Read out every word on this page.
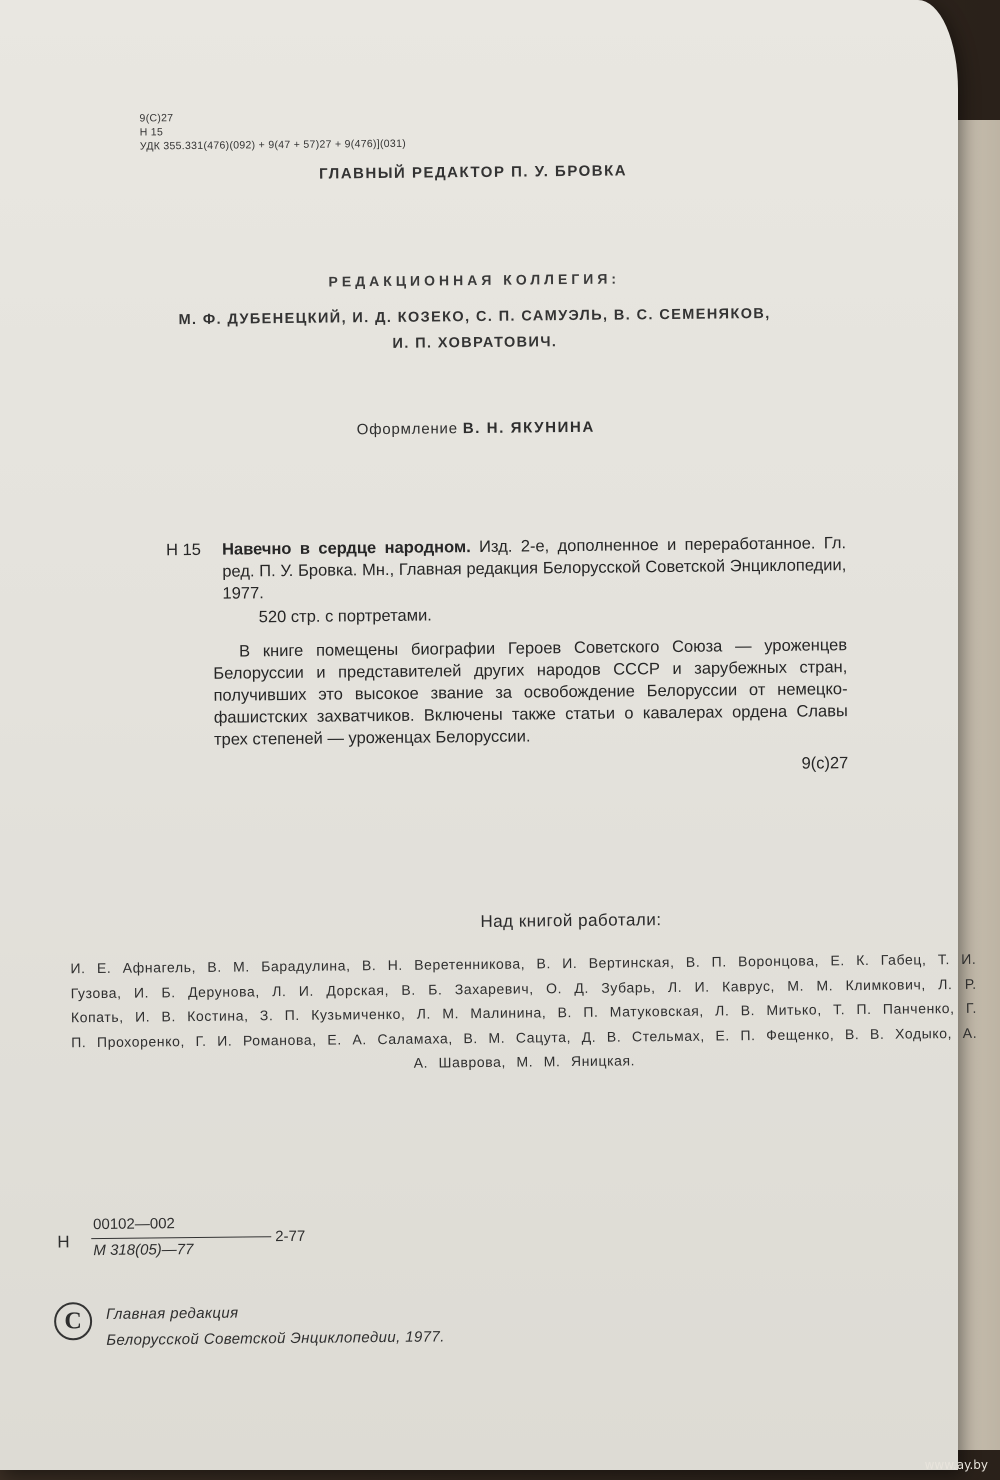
9(С)27
Н 15
УДК 355.331(476)(092) + 9(47 + 57)27 + 9(476)](031)
ГЛАВНЫЙ РЕДАКТОР П. У. БРОВКА
РЕДАКЦИОННАЯ КОЛЛЕГИЯ:
М. Ф. ДУБЕНЕЦКИЙ, И. Д. КОЗЕКО, С. П. САМУЭЛЬ, В. С. СЕМЕНЯКОВ,
И. П. ХОВРАТОВИЧ.
Оформление В. Н. ЯКУНИНА
Н 15 Навечно в сердце народном. Изд. 2-е, дополненное и переработанное. Гл. ред. П. У. Бровка. Мн., Главная редакция Белорусской Советской Энциклопедии, 1977.
520 стр. с портретами.
В книге помещены биографии Героев Советского Союза — уроженцев Белоруссии и представителей других народов СССР и зарубежных стран, получивших это высокое звание за освобождение Белоруссии от немецко-фашистских захватчиков. Включены также статьи о кавалерах ордена Славы трех степеней — уроженцах Белоруссии.
9(с)27
Над книгой работали:
И. Е. Афнагель, В. М. Барадулина, В. Н. Веретенникова, В. И. Вертинская, В. П. Воронцова, Е. К. Габец, Т. И. Гузова, И. Б. Дерунова, Л. И. Дорская, В. Б. Захаревич, О. Д. Зубарь, Л. И. Каврус, М. М. Климкович, Л. Р. Копать, И. В. Костина, З. П. Кузьмиченко, Л. М. Малинина, В. П. Матуковская, Л. В. Митько, Т. П. Панченко, Г. П. Прохоренко, Г. И. Романова, Е. А. Саламаха, В. М. Сацута, Д. В. Стельмах, Е. П. Фещенко, В. В. Ходыко, А. А. Шаврова, М. М. Яницкая.
Н
00102—002
М 318(05)—77
2-77
С	Главная редакция
Белорусской Советской Энциклопедии, 1977.
www.ay.by
